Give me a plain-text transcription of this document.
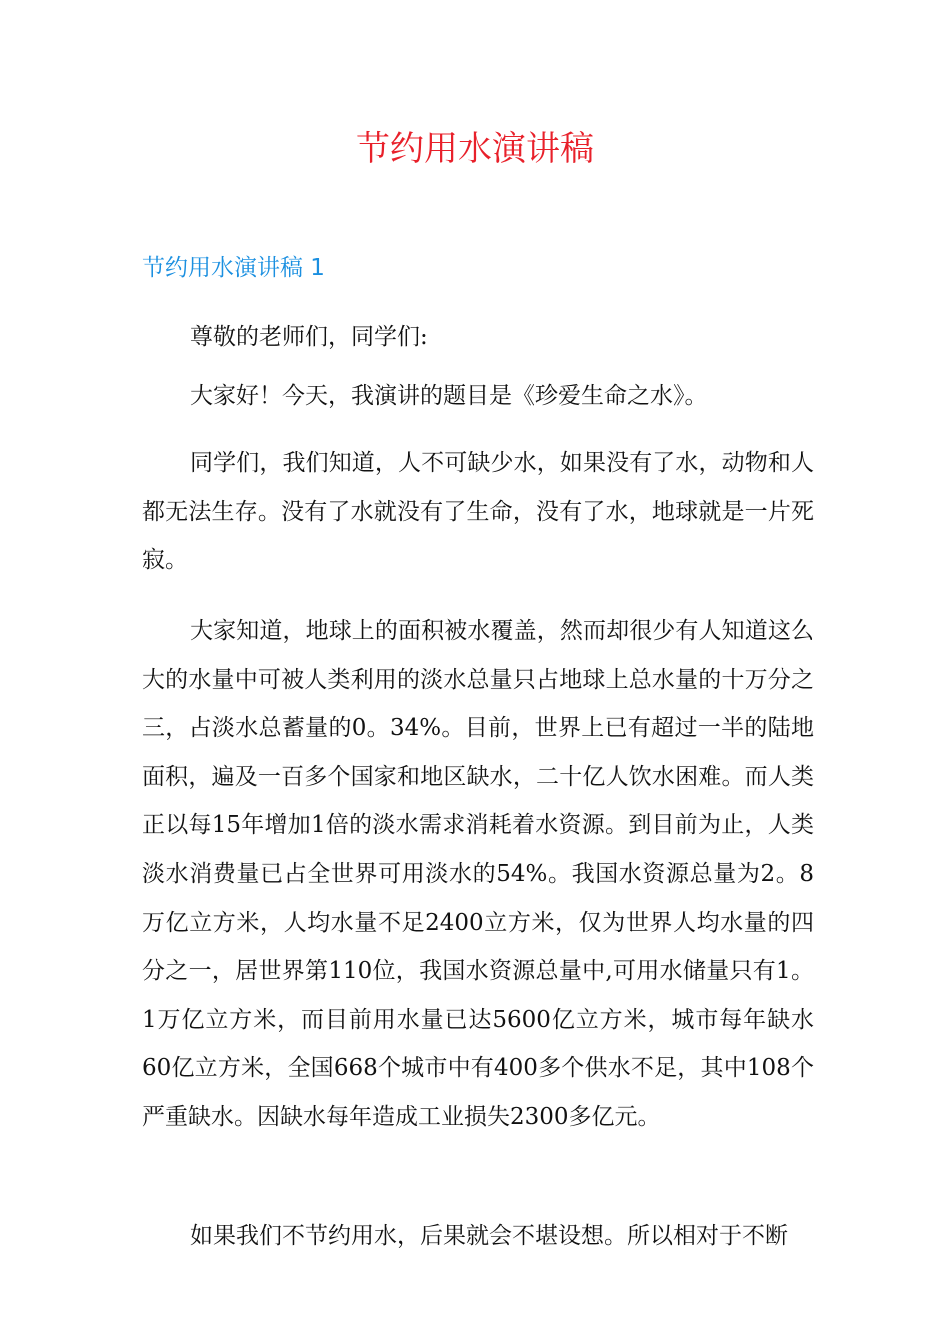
节约用水演讲稿
节约用水演讲稿 1

尊敬的老师们，同学们:

大家好！今天，我演讲的题目是《珍爱生命之水》。

同学们，我们知道，人不可缺少水，如果没有了水，动物和人都无法生存。没有了水就没有了生命，没有了水，地球就是一片死寂。

大家知道，地球上的面积被水覆盖，然而却很少有人知道这么大的水量中可被人类利用的淡水总量只占地球上总水量的十万分之三，占淡水总蓄量的0。34%。目前，世界上已有超过一半的陆地面积，遍及一百多个国家和地区缺水，二十亿人饮水困难。而人类正以每15年增加1倍的淡水需求消耗着水资源。到目前为止，人类淡水消费量已占全世界可用淡水的54%。我国水资源总量为2。8万亿立方米，人均水量不足2400立方米，仅为世界人均水量的四分之一，居世界第110位，我国水资源总量中,可用水储量只有1。1万亿立方米，而目前用水量已达5600亿立方米，城市每年缺水60亿立方米，全国668个城市中有400多个供水不足，其中108个严重缺水。因缺水每年造成工业损失2300多亿元。

如果我们不节约用水，后果就会不堪设想。所以相对于不断
